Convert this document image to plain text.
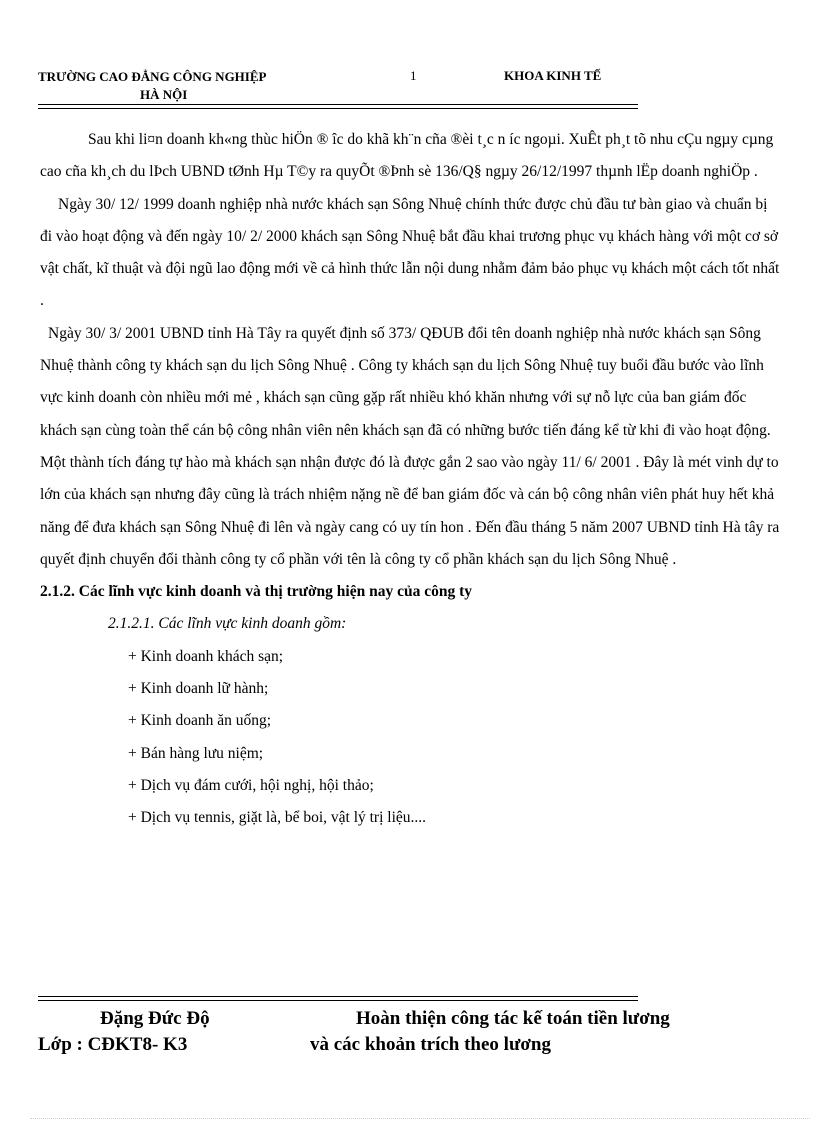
TRƯỜNG CAO ĐẲNG CÔNG NGHIỆP
HÀ NỘI
1	KHOA KINH TẾ

Sau khi li¤n doanh kh«ng thùc hiÖn ® îc do khã kh¨n cña ®èi t¸c n íc ngoµi. XuÊt ph¸t tõ nhu cÇu ngµy cµng cao cña kh¸ch du lÞch UBND tØnh Hµ T©y ra quyÕt ®Þnh sè 136/Q§ ngµy 26/12/1997 thµnh lËp doanh nghiÖp .

Ngày 30/ 12/ 1999 doanh nghiệp nhà nước khách sạn Sông Nhuệ chính thức được chủ đầu tư bàn giao và chuẩn bị đi vào hoạt động và đến ngày 10/ 2/ 2000 khách sạn Sông Nhuệ bắt đầu khai trương phục vụ khách hàng với một cơ sở vật chất, kĩ thuật và đội ngũ lao động mới về cả hình thức lẫn nội dung nhằm đảm bảo phục vụ khách một cách tốt nhất .

Ngày 30/ 3/ 2001 UBND tỉnh Hà Tây ra quyết định số 373/ QĐUB đổi tên doanh nghiệp nhà nước khách sạn Sông Nhuệ thành công ty khách sạn du lịch Sông Nhuệ . Công ty khách sạn du lịch Sông Nhuệ tuy buổi đầu bước vào lĩnh vực kinh doanh còn nhiều mới mẻ , khách sạn cũng gặp rất nhiều khó khăn nhưng với sự nỗ lực của ban giám đốc khách sạn cùng toàn thể cán bộ công nhân viên nên khách sạn đã có những bước tiến đáng kể từ khi đi vào hoạt động. Một thành tích đáng tự hào mà khách sạn nhận được đó là được gắn 2 sao vào ngày 11/ 6/ 2001 . Đây là mét vinh dự to lớn của khách sạn nhưng đây cũng là trách nhiệm nặng nề để ban giám đốc và cán bộ công nhân viên phát huy hết khả năng để đưa khách sạn Sông Nhuệ đi lên và ngày cang có uy tín hon . Đến đầu tháng 5 năm 2007 UBND tỉnh Hà tây ra quyết định chuyển đổi thành công ty cổ phần với tên là công ty cổ phần khách sạn du lịch Sông Nhuệ .

2.1.2. Các lĩnh vực kinh doanh và thị trường hiện nay của công ty

2.1.2.1. Các lĩnh vực kinh doanh gồm:

+ Kinh doanh khách sạn;

+ Kinh doanh lữ hành;

+ Kinh doanh ăn uống;

+ Bán hàng lưu niệm;

+ Dịch vụ đám cưới, hội nghị, hội thảo;

+ Dịch vụ tennis, giặt là, bể boi, vật lý trị liệu....

Đặng Đức Độ
Lớp : CĐKT8- K3
Hoàn thiện công tác kế toán tiền lương
và các khoản trích theo lương
